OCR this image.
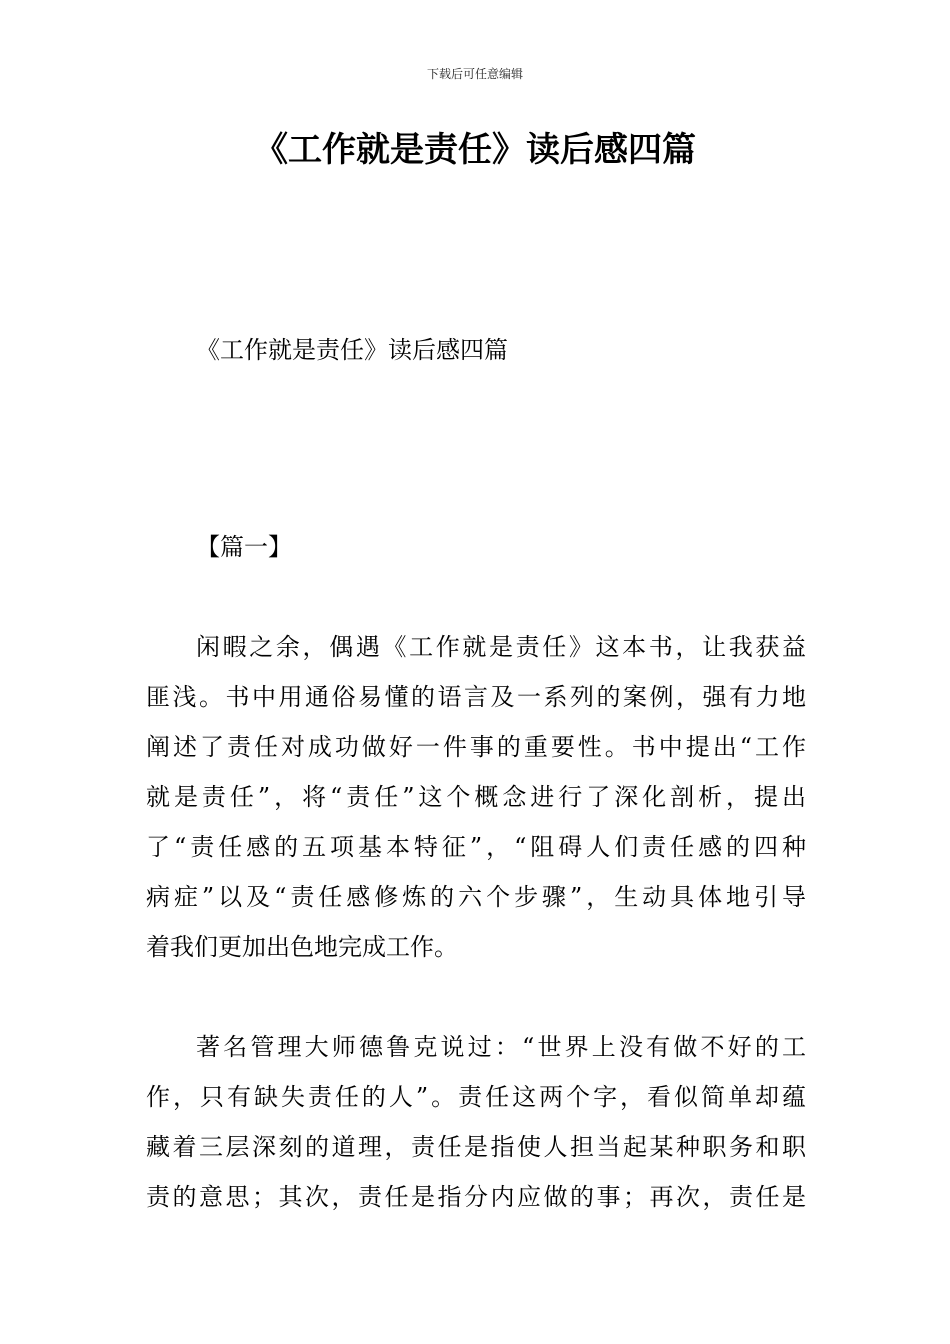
下载后可任意编辑
《工作就是责任》读后感四篇
《工作就是责任》读后感四篇
【篇一】
闲暇之余，偶遇《工作就是责任》这本书，让我获益
匪浅。书中用通俗易懂的语言及一系列的案例，强有力地
阐述了责任对成功做好一件事的重要性。书中提出“工作
就是责任”，将“责任”这个概念进行了深化剖析，提出
了“责任感的五项基本特征”，“阻碍人们责任感的四种
病症”以及“责任感修炼的六个步骤”，生动具体地引导
着我们更加出色地完成工作。
著名管理大师德鲁克说过：“世界上没有做不好的工
作，只有缺失责任的人”。责任这两个字，看似简单却蕴
藏着三层深刻的道理，责任是指使人担当起某种职务和职
责的意思；其次，责任是指分内应做的事；再次，责任是
